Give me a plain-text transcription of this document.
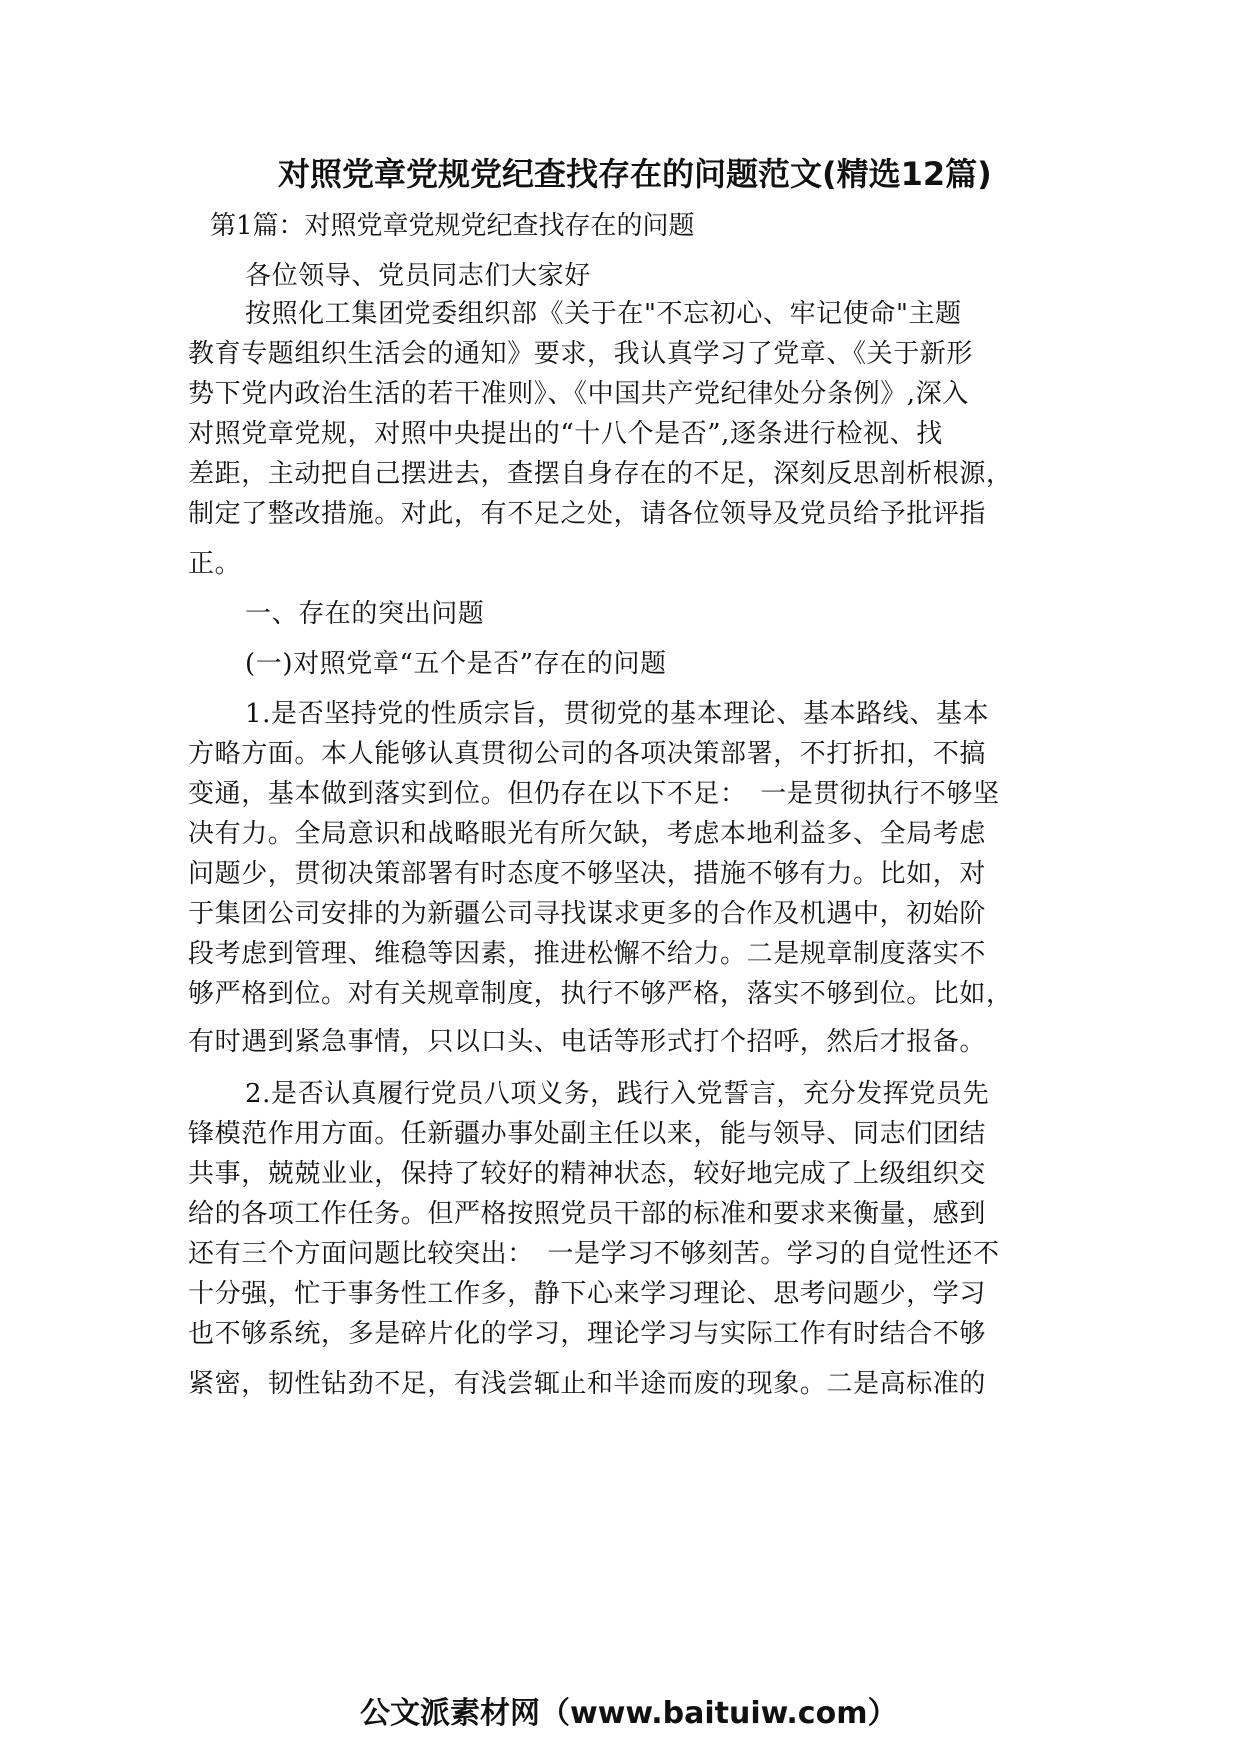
对照党章党规党纪查找存在的问题范文(精选12篇)
第1篇：对照党章党规党纪查找存在的问题
各位领导、党员同志们大家好
按照化工集团党委组织部《关于在"不忘初心、牢记使命"主题
教育专题组织生活会的通知》要求，我认真学习了党章、《关于新形
势下党内政治生活的若干准则》、《中国共产党纪律处分条例》,深入
对照党章党规，对照中央提出的“十八个是否”,逐条进行检视、找
差距，主动把自己摆进去，查摆自身存在的不足，深刻反思剖析根源，
制定了整改措施。对此，有不足之处，请各位领导及党员给予批评指
正。
一、存在的突出问题
(一)对照党章“五个是否”存在的问题
1.是否坚持党的性质宗旨，贯彻党的基本理论、基本路线、基本
方略方面。本人能够认真贯彻公司的各项决策部署，不打折扣，不搞
变通，基本做到落实到位。但仍存在以下不足：　一是贯彻执行不够坚
决有力。全局意识和战略眼光有所欠缺，考虑本地利益多、全局考虑
问题少，贯彻决策部署有时态度不够坚决，措施不够有力。比如，对
于集团公司安排的为新疆公司寻找谋求更多的合作及机遇中，初始阶
段考虑到管理、维稳等因素，推进松懈不给力。二是规章制度落实不
够严格到位。对有关规章制度，执行不够严格，落实不够到位。比如，
有时遇到紧急事情，只以口头、电话等形式打个招呼，然后才报备。
2.是否认真履行党员八项义务，践行入党誓言，充分发挥党员先
锋模范作用方面。任新疆办事处副主任以来，能与领导、同志们团结
共事，兢兢业业，保持了较好的精神状态，较好地完成了上级组织交
给的各项工作任务。但严格按照党员干部的标准和要求来衡量，感到
还有三个方面问题比较突出：　一是学习不够刻苦。学习的自觉性还不
十分强，忙于事务性工作多，静下心来学习理论、思考问题少，学习
也不够系统，多是碎片化的学习，理论学习与实际工作有时结合不够
紧密，韧性钻劲不足，有浅尝辄止和半途而废的现象。二是高标准的
公文派素材网（www.baituiw.com）
